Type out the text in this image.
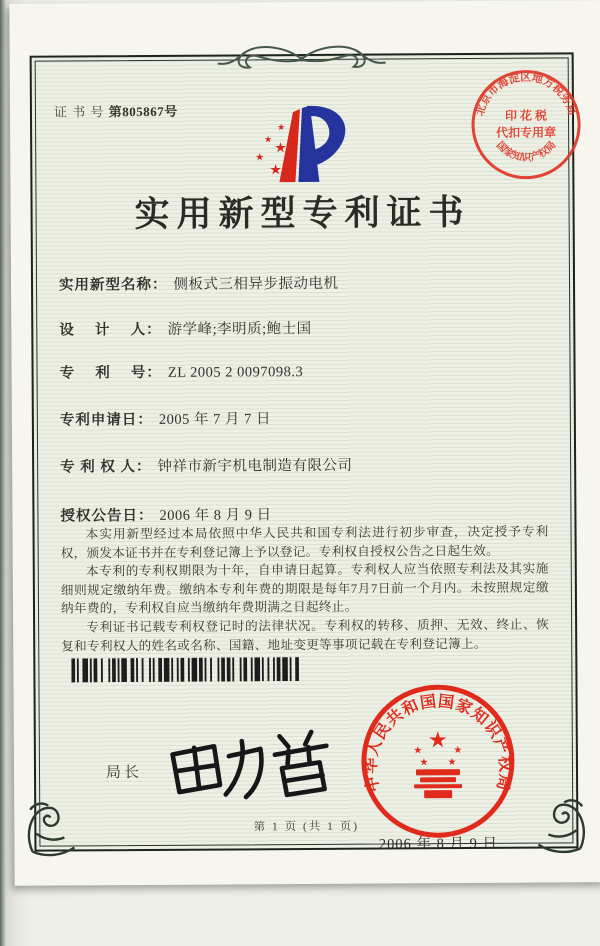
证 书 号 第805867号
★
★
★
★
★
北京市海淀区地方税务局
国家知识产权局
印 花 税
代扣专用章
实用新型专利证书
实用新型名称： 侧板式三相异步振动电机
设　 计　 人： 游学峰;李明质;鲍士国
专　 利　 号： ZL 2005 2 0097098.3
专利申请日： 2005 年 7 月 7 日
专 利 权 人： 钟祥市新宇机电制造有限公司
授权公告日： 2006 年 8 月 9 日

本实用新型经过本局依照中华人民共和国专利法进行初步审查，决定授予专利权，颁发本证书并在专利登记簿上予以登记。专利权自授权公告之日起生效。

本专利的专利权期限为十年，自申请日起算。专利权人应当依照专利法及其实施细则规定缴纳年费。缴纳本专利年费的期限是每年7月7日前一个月内。未按照规定缴纳年费的，专利权自应当缴纳年费期满之日起终止。

专利证书记载专利权登记时的法律状况。专利权的转移、质押、无效、终止、恢复和专利权人的姓名或名称、国籍、地址变更等事项记载在专利登记簿上。

局长
中华人民共和国国家知识产权局
★
★	★
★ ★
2006 年 8 月 9 日
第 1 页 (共 1 页)
